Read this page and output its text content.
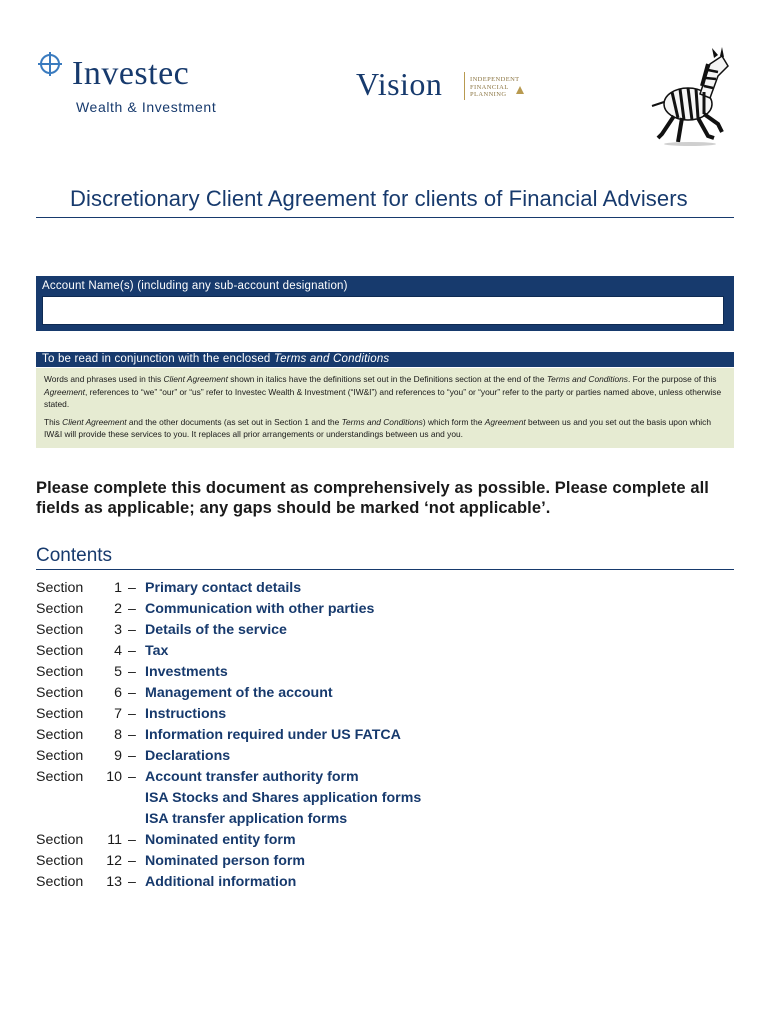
Investec
Wealth & Investment
Vision	INDEPENDENT
FINANCIAL
PLANNING
Discretionary Client Agreement for clients of Financial Advisers
Account Name(s) (including any sub-account designation)
To be read in conjunction with the enclosed Terms and Conditions

Words and phrases used in this Client Agreement shown in italics have the definitions set out in the Definitions section at the end of the Terms and Conditions. For the purpose of this Agreement, references to “we” “our” or “us” refer to Investec Wealth & Investment (“IW&I”) and references to “you” or “your” refer to the party or parties named above, unless otherwise stated.

This Client Agreement and the other documents (as set out in Section 1 and the Terms and Conditions) which form the Agreement between us and you set out the basis upon which IW&I will provide these services to you. It replaces all prior arrangements or understandings between us and you.

Please complete this document as comprehensively as possible. Please complete all fields as applicable; any gaps should be marked ‘not applicable’.
Contents
Section	1 – Primary contact details
Section	2 – Communication with other parties
Section	3 – Details of the service
Section	4 – Tax
Section	5 – Investments
Section	6 – Management of the account
Section	7 – Instructions
Section	8 – Information required under US FATCA
Section	9 – Declarations
Section 10 – Account transfer authority form
ISA Stocks and Shares application forms
ISA transfer application forms
Section	11 – Nominated entity form
Section 12 – Nominated person form
Section 13 – Additional information
